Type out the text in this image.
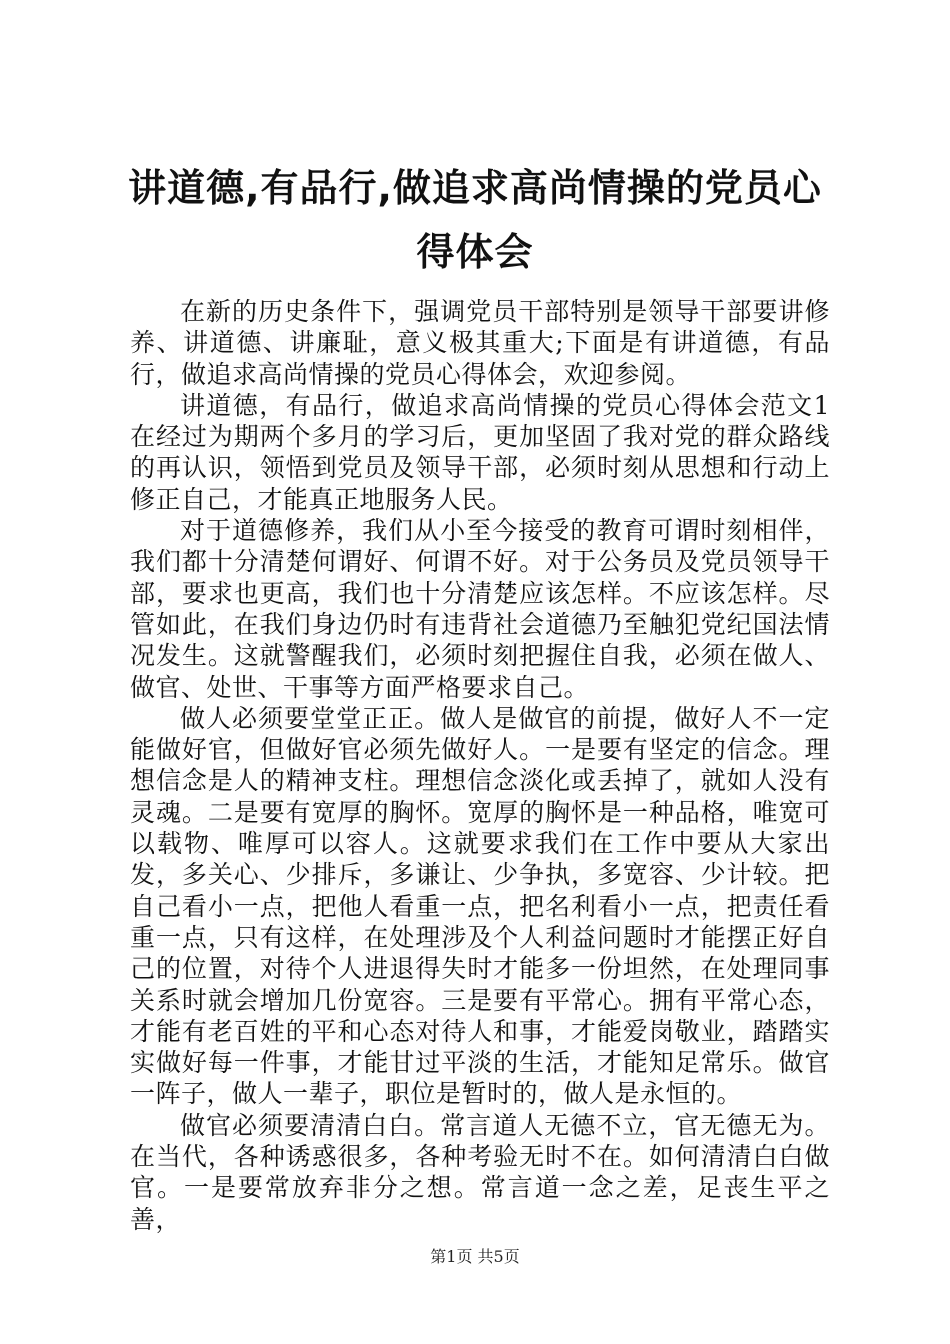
讲道德,有品行,做追求高尚情操的党员心得体会

在新的历史条件下，强调党员干部特别是领导干部要讲修养、讲道德、讲廉耻，意义极其重大;下面是有讲道德，有品行，做追求高尚情操的党员心得体会，欢迎参阅。

讲道德，有品行，做追求高尚情操的党员心得体会范文1在经过为期两个多月的学习后，更加坚固了我对党的群众路线的再认识，领悟到党员及领导干部，必须时刻从思想和行动上修正自己，才能真正地服务人民。

对于道德修养，我们从小至今接受的教育可谓时刻相伴，我们都十分清楚何谓好、何谓不好。对于公务员及党员领导干部，要求也更高，我们也十分清楚应该怎样。不应该怎样。尽管如此，在我们身边仍时有违背社会道德乃至触犯党纪国法情况发生。这就警醒我们，必须时刻把握住自我，必须在做人、做官、处世、干事等方面严格要求自己。

做人必须要堂堂正正。做人是做官的前提，做好人不一定能做好官，但做好官必须先做好人。一是要有坚定的信念。理想信念是人的精神支柱。理想信念淡化或丢掉了，就如人没有灵魂。二是要有宽厚的胸怀。宽厚的胸怀是一种品格，唯宽可以载物、唯厚可以容人。这就要求我们在工作中要从大家出发，多关心、少排斥，多谦让、少争执，多宽容、少计较。把自己看小一点，把他人看重一点，把名利看小一点，把责任看重一点，只有这样，在处理涉及个人利益问题时才能摆正好自己的位置，对待个人进退得失时才能多一份坦然，在处理同事关系时就会增加几份宽容。三是要有平常心。拥有平常心态，才能有老百姓的平和心态对待人和事，才能爱岗敬业，踏踏实实做好每一件事，才能甘过平淡的生活，才能知足常乐。做官一阵子，做人一辈子，职位是暂时的，做人是永恒的。

做官必须要清清白白。常言道人无德不立，官无德无为。在当代，各种诱惑很多，各种考验无时不在。如何清清白白做官。一是要常放弃非分之想。常言道一念之差，足丧生平之善，

第1页 共5页
